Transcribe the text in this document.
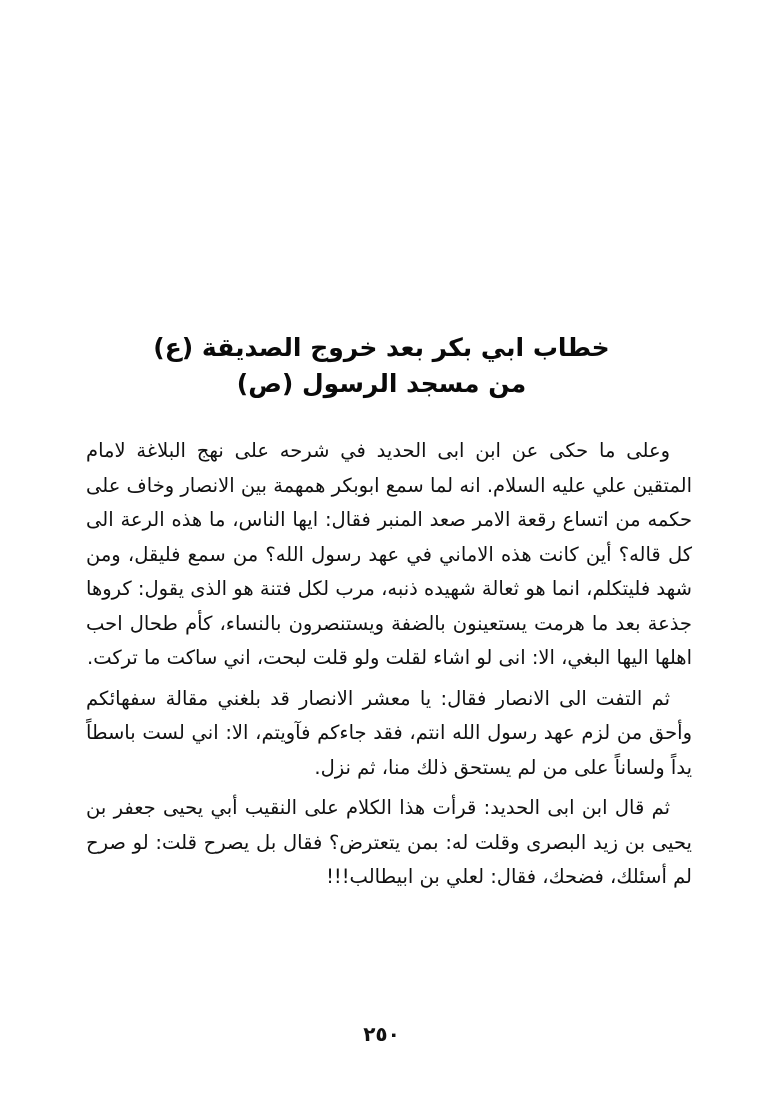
خطاب ابي بكر بعد خروج الصديقة (ع)

من مسجد الرسول (ص)

وعلى ما حكى عن ابن ابى الحديد في شرحه على نهج البلاغة لامام المتقين علي عليه السلام. انه لما سمع ابوبكر همهمة بين الانصار وخاف على حكمه من اتساع رقعة الامر صعد المنبر فقال: ايها الناس، ما هذه الرعة الى كل قاله؟ أين كانت هذه الاماني في عهد رسول الله؟ من سمع فليقل، ومن شهد فليتكلم، انما هو ثعالة شهيده ذنبه، مرب لكل فتنة هو الذى يقول: كروها جذعة بعد ما هرمت يستعينون بالضفة ويستنصرون بالنساء، كأم طحال احب اهلها اليها البغي، الا: انى لو اشاء لقلت ولو قلت لبحت، اني ساكت ما تركت.

ثم التفت الى الانصار فقال: يا معشر الانصار قد بلغني مقالة سفهائكم وأحق من لزم عهد رسول الله انتم، فقد جاءكم فآويتم، الا: اني لست باسطاً يداً ولساناً على من لم يستحق ذلك منا، ثم نزل.

ثم قال ابن ابى الحديد: قرأت هذا الكلام على النقيب أبي يحيى جعفر بن يحيى بن زيد البصرى وقلت له: بمن يتعترض؟ فقال بل يصرح قلت: لو صرح لم أسئلك، فضحك، فقال: لعلي بن ابيطالب!!!

٢٥٠
